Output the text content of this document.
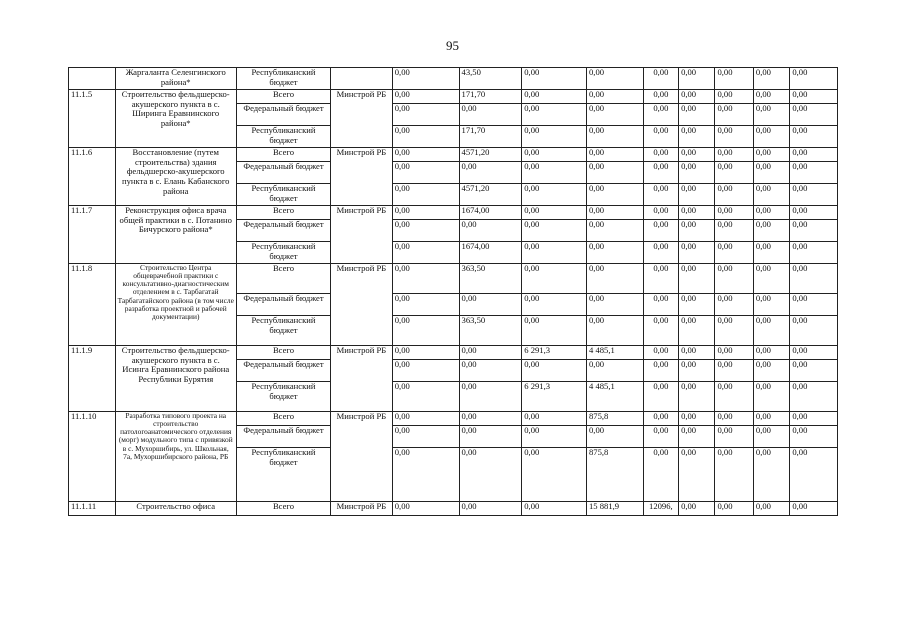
95
	Жаргаланта Селенгинского района*	Республиканский бюджет		0,00	43,50	0,00	0,00	0,00	0,00	0,00	0,00	0,00
11.1.5	Строительство фельдшерско-акушерского пункта в с. Ширинга Еравнинского района*	Всего	Минстрой РБ	0,00	171,70	0,00	0,00	0,00	0,00	0,00	0,00	0,00
		Федеральный бюджет		0,00	0,00	0,00	0,00	0,00	0,00	0,00	0,00	0,00
		Республиканский бюджет		0,00	171,70	0,00	0,00	0,00	0,00	0,00	0,00	0,00
11.1.6	Восстановление (путем строительства) здания фельдшерско-акушерского пункта в с. Елань Кабанского района	Всего	Минстрой РБ	0,00	4571,20	0,00	0,00	0,00	0,00	0,00	0,00	0,00
		Федеральный бюджет		0,00	0,00	0,00	0,00	0,00	0,00	0,00	0,00	0,00
		Республиканский бюджет		0,00	4571,20	0,00	0,00	0,00	0,00	0,00	0,00	0,00
11.1.7	Реконструкция офиса врача общей практики в с. Потанино Бичурского района*	Всего	Минстрой РБ	0,00	1674,00	0,00	0,00	0,00	0,00	0,00	0,00	0,00
		Федеральный бюджет		0,00	0,00	0,00	0,00	0,00	0,00	0,00	0,00	0,00
		Республиканский бюджет		0,00	1674,00	0,00	0,00	0,00	0,00	0,00	0,00	0,00
11.1.8	Строительство Центра общеврачебной практики с консультативно-диагностическим отделением в с. Тарбагатай Тарбагатайского района (в том числе разработка проектной и рабочей документации)	Всего	Минстрой РБ	0,00	363,50	0,00	0,00	0,00	0,00	0,00	0,00	0,00
		Федеральный бюджет		0,00	0,00	0,00	0,00	0,00	0,00	0,00	0,00	0,00
		Республиканский бюджет		0,00	363,50	0,00	0,00	0,00	0,00	0,00	0,00	0,00
11.1.9	Строительство фельдшерско-акушерского пункта в с. Исинга Еравнинского района Республики Бурятия	Всего	Минстрой РБ	0,00	0,00	6 291,3	4 485,1	0,00	0,00	0,00	0,00	0,00
		Федеральный бюджет		0,00	0,00	0,00	0,00	0,00	0,00	0,00	0,00	0,00
		Республиканский бюджет		0,00	0,00	6 291,3	4 485,1	0,00	0,00	0,00	0,00	0,00
11.1.10	Разработка типового проекта на строительство патологоанатомического отделения (морг) модульного типа с привязкой в с. Мухоршибирь, ул. Школьная, 7а, Мухоршибирского района, РБ	Всего	Минстрой РБ	0,00	0,00	0,00	875,8	0,00	0,00	0,00	0,00	0,00
		Федеральный бюджет		0,00	0,00	0,00	0,00	0,00	0,00	0,00	0,00	0,00
		Республиканский бюджет		0,00	0,00	0,00	875,8	0,00	0,00	0,00	0,00	0,00
11.1.11	Строительство офиса	Всего	Минстрой РБ	0,00	0,00	0,00	15 881,9	12096,	0,00	0,00	0,00	0,00
